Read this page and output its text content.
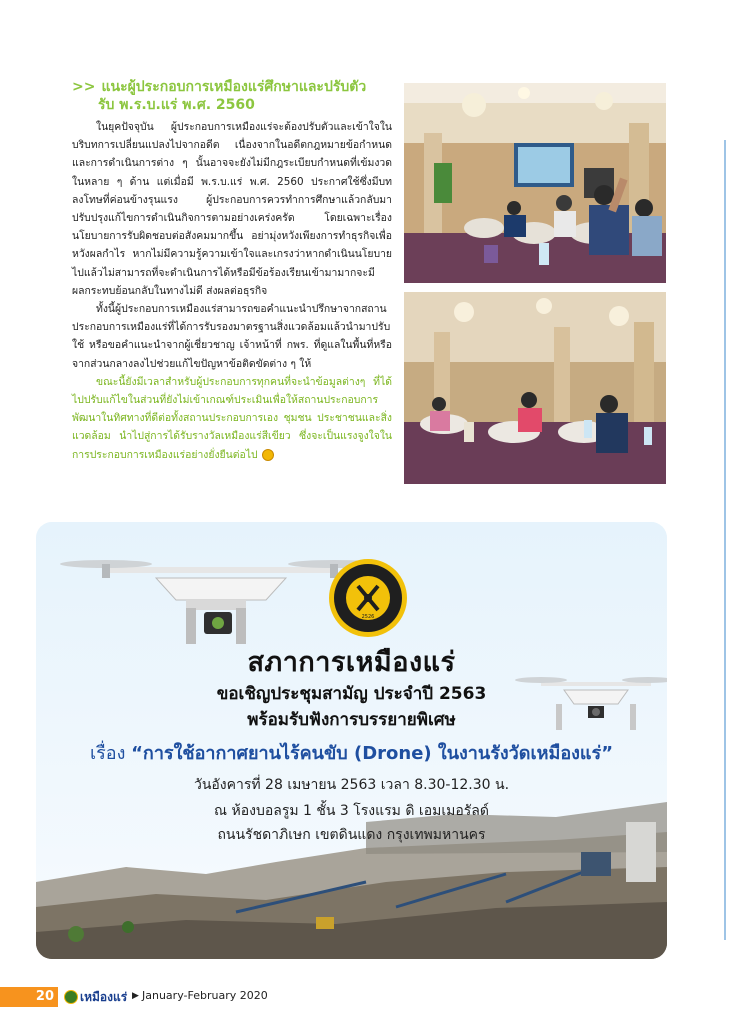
>> แนะผู้ประกอบการเหมืองแร่ศึกษาและปรับตัว
รับ พ.ร.บ.แร่ พ.ศ. 2560

ในยุคปัจจุบัน ผู้ประกอบการเหมืองแร่จะต้องปรับตัวและเข้าใจในบริบทการเปลี่ยนแปลงไปจากอดีต เนื่องจากในอดีตกฎหมายข้อกำหนด และการดำเนินการต่าง ๆ นั้นอาจจะยังไม่มีกฎระเบียบกำหนดที่เข้มงวดในหลาย ๆ ด้าน แต่เมื่อมี พ.ร.บ.แร่ พ.ศ. 2560 ประกาศใช้ซึ่งมีบทลงโทษที่ค่อนข้างรุนแรง ผู้ประกอบการควรทำการศึกษาแล้วกลับมาปรับปรุงแก้ไขการดำเนินกิจการตามอย่างเคร่งครัด โดยเฉพาะเรื่องนโยบายการรับผิดชอบต่อสังคมมากขึ้น อย่ามุ่งหวังเพียงการทำธุรกิจเพื่อหวังผลกำไร หากไม่มีความรู้ความเข้าใจและเกรงว่าหากดำเนินนโยบายไปแล้วไม่สามารถที่จะดำเนินการได้หรือมีข้อร้องเรียนเข้ามามากจะมีผลกระทบย้อนกลับในทางไม่ดี ส่งผลต่อธุรกิจ

ทั้งนี้ผู้ประกอบการเหมืองแร่สามารถขอคำแนะนำปรึกษาจากสถานประกอบการเหมืองแร่ที่ได้การรับรองมาตรฐานสิ่งแวดล้อมแล้วนำมาปรับใช้ หรือขอคำแนะนำจากผู้เชี่ยวชาญ เจ้าหน้าที่ กพร. ที่ดูแลในพื้นที่หรือจากส่วนกลางลงไปช่วยแก้ไขปัญหาข้อติดขัดต่าง ๆ ให้

ขณะนี้ยังมีเวลาสำหรับผู้ประกอบการทุกคนที่จะนำข้อมูลต่างๆ ที่ได้ไปปรับแก้ไขในส่วนที่ยังไม่เข้าเกณฑ์ประเมินเพื่อให้สถานประกอบการพัฒนาในทิศทางที่ดีต่อทั้งสถานประกอบการเอง ชุมชน ประชาชนและสิ่งแวดล้อม นำไปสู่การได้รับรางวัลเหมืองแร่สีเขียว ซึ่งจะเป็นแรงจูงใจในการประกอบการเหมืองแร่อย่างยั่งยืนต่อไป

2526
สภาการเหมืองแร่
ขอเชิญประชุมสามัญ ประจำปี 2563
พร้อมรับฟังการบรรยายพิเศษ
เรื่อง “การใช้อากาศยานไร้คนขับ (Drone) ในงานรังวัดเหมืองแร่”
วันอังคารที่ 28 เมษายน 2563 เวลา 8.30-12.30 น.
ณ ห้องบอลรูม 1 ชั้น 3 โรงแรม ดิ เอมเมอรัลด์
ถนนรัชดาภิเษก เขตดินแดง กรุงเทพมหานคร
20	เหมืองแร่ ▶ January-February 2020
